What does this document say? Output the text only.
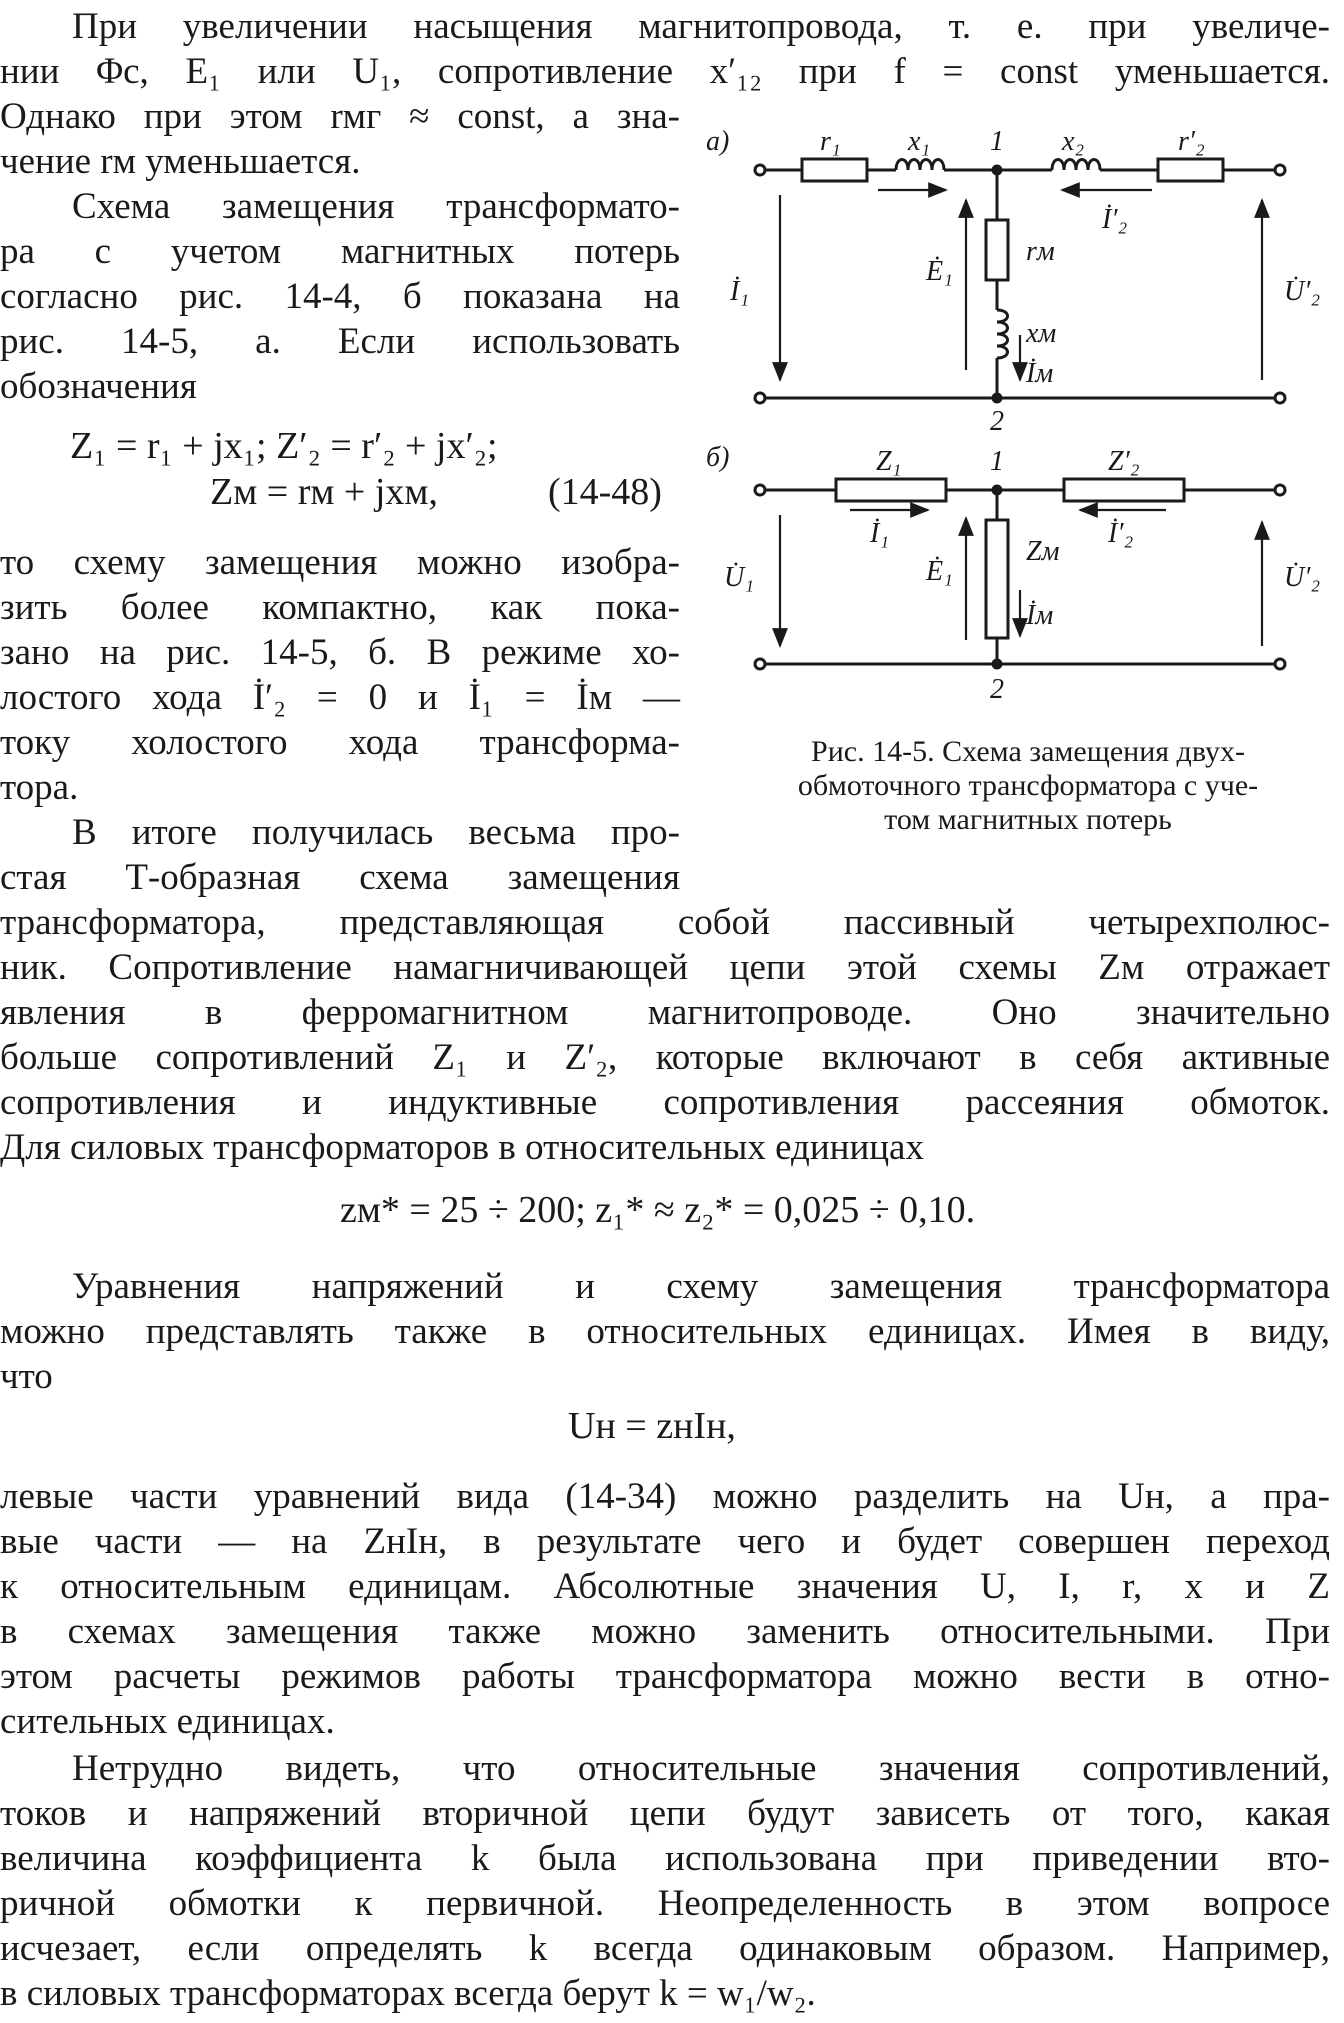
При увеличении насыщения магнитопровода, т. е. при увеличе-
нии Φс, E₁ или U₁, сопротивление x′₁₂ при f = const уменьшается.
Однако при этом rмг ≈ const, а зна-
чение rм уменьшается.
Схема замещения трансформато-
ра с учетом магнитных потерь
согласно рис. 14-4, б показана на
рис. 14-5, а. Если использовать
обозначения
Z₁ = r₁ + jx₁; Z′₂ = r′₂ + jx′₂;
Zм = rм + jxм,	(14-48)
то схему замещения можно изобра-
зить более компактно, как пока-
зано на рис. 14-5, б. В режиме хо-
лостого хода İ′₂ = 0 и İ₁ = İм —
току холостого хода трансформа-
тора.
В итоге получилась весьма про-
стая Т-образная схема замещения
трансформатора, представляющая собой пассивный четырехполюс-
ник. Сопротивление намагничивающей цепи этой схемы Zм отражает
явления в ферромагнитном магнитопроводе. Оно значительно
больше сопротивлений Z₁ и Z′₂, которые включают в себя активные
сопротивления и индуктивные сопротивления рассеяния обмоток.
Для силовых трансформаторов в относительных единицах
zм* = 25 ÷ 200; z₁* ≈ z₂* = 0,025 ÷ 0,10.
Уравнения напряжений и схему замещения трансформатора
можно представлять также в относительных единицах. Имея в виду,
что
Uн = zнIн,
левые части уравнений вида (14-34) можно разделить на Uн, а пра-
вые части — на ZнIн, в результате чего и будет совершен переход
к относительным единицам. Абсолютные значения U, I, r, x и Z
в схемах замещения также можно заменить относительными. При
этом расчеты режимов работы трансформатора можно вести в отно-
сительных единицах.
Нетрудно видеть, что относительные значения сопротивлений,
токов и напряжений вторичной цепи будут зависеть от того, какая
величина коэффициента k была использована при приведении вто-
ричной обмотки к первичной. Неопределенность в этом вопросе
исчезает, если определять k всегда одинаковым образом. Например,
в силовых трансформаторах всегда берут k = w₁/w₂.
а)	r₁ x₁ 1 x₂	r′₂
rм
xм
Ė₁
İ₁
İ′₂
İм
U̇′₂
2
б)	Z₁	1	Z′₂
İ₁	İ′₂
Zм
Ė₁
İм
U̇₁	U̇′₂
2
Рис. 14-5. Схема замещения двух-
обмоточного трансформатора с уче-
том магнитных потерь
